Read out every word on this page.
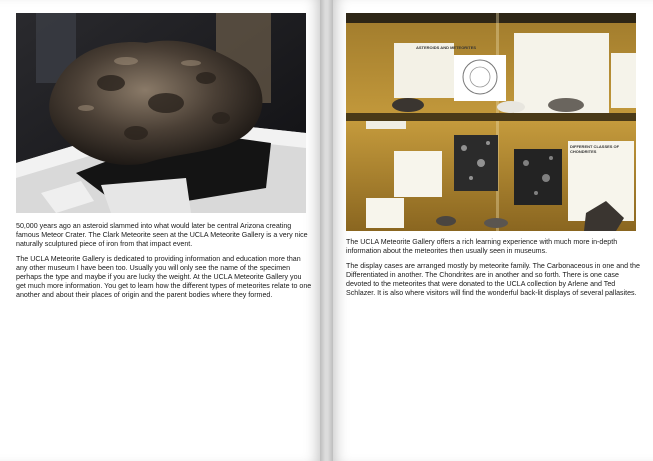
50,000 years ago an asteroid slammed into what would later be central Arizona creating famous Meteor Crater. The Clark Meteorite seen at the UCLA Meteorite Gallery is a very nice naturally sculptured piece of iron from that impact event.

The UCLA Meteorite Gallery is dedicated to providing information and education more than any other museum I have been too. Usually you will only see the name of the specimen perhaps the type and maybe if you are lucky the weight. At the UCLA Meteorite Gallery you get much more information. You get to learn how the different types of meteorites relate to one another and about their places of origin and the parent bodies where they formed.

ASTEROIDS AND METEORITES
DIFFERENT CLASSES OF CHONDRITES

The UCLA Meteorite Gallery offers a rich learning experience with much more in-depth information about the meteorites then usually seen in museums.

The display cases are arranged mostly by meteorite family. The Carbonaceous in one and the Differentiated in another. The Chondrites are in another and so forth. There is one case devoted to the meteorites that were donated to the UCLA collection by Arlene and Ted Schlazer. It is also where visitors will find the wonderful back-lit displays of several pallasites.
